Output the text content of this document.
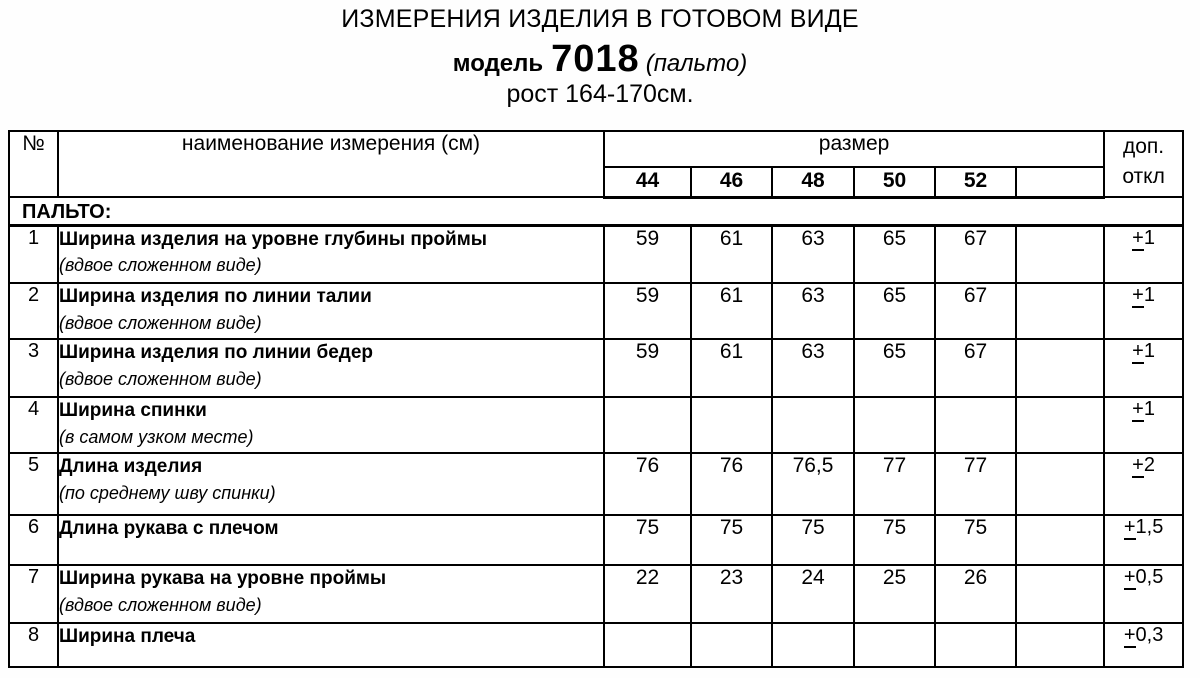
ИЗМЕРЕНИЯ ИЗДЕЛИЯ В ГОТОВОМ ВИДЕ
модель 7018 (пальто)
рост 164-170см.
№	наименование измерения (см)	размер						доп.
откл

		44	46	48	50	52		
ПАЛЬТО:								
1	Ширина изделия на уровне глубины проймы
(вдвое сложенном виде)	59	61	63	65	67		+1
2	Ширина изделия по линии талии
(вдвое сложенном виде)	59	61	63	65	67		+1
3	Ширина изделия по линии бедер
(вдвое сложенном виде)	59	61	63	65	67		+1
4	Ширина спинки
(в самом узком месте)							+1
5	Длина изделия
(по среднему шву спинки)	76	76	76,5	77	77		+2
6	Длина рукава с плечом	75	75	75	75	75		+1,5
7	Ширина рукава на уровне проймы
(вдвое сложенном виде)	22	23	24	25	26		+0,5
8	Ширина плеча							+0,3
